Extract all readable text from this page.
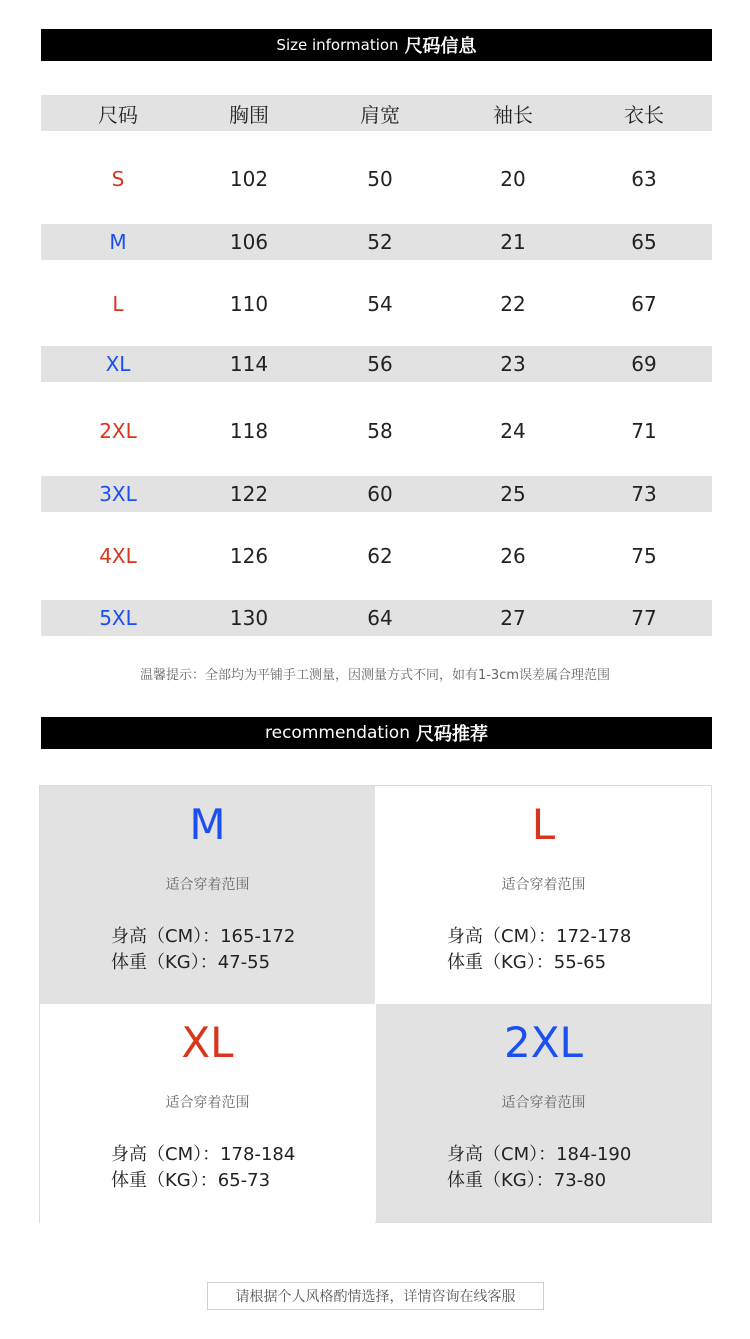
Size information 尺码信息
尺码	胸围	肩宽	袖长	衣长
S	102	50	20	63
M	106	52	21	65
L	110	54	22	67
XL	114	56	23	69
2XL	118	58	24	71
3XL	122	60	25	73
4XL	126	62	26	75
5XL	130	64	27	77
温馨提示：全部均为平铺手工测量，因测量方式不同，如有1-3cm误差属合理范围
recommendation 尺码推荐
M
适合穿着范围
身高（CM）：165-172
体重（KG）：47-55
L
适合穿着范围
身高（CM）：172-178
体重（KG）：55-65
XL
适合穿着范围
身高（CM）：178-184
体重（KG）：65-73
2XL
适合穿着范围
身高（CM）：184-190
体重（KG）：73-80
请根据个人风格酌情选择，详情咨询在线客服
